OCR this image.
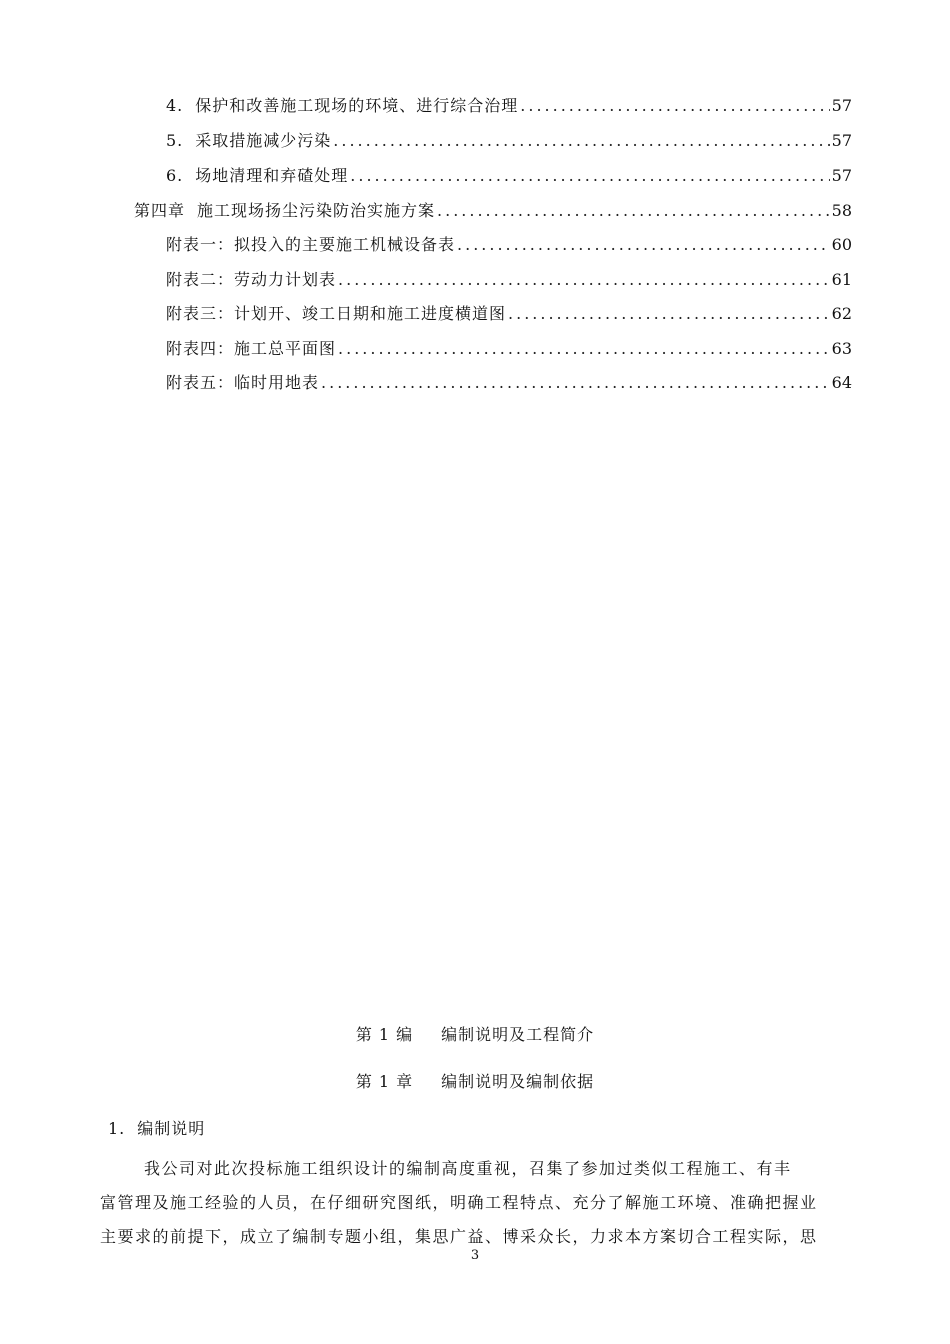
4. 保护和改善施工现场的环境、进行综合治理 .....	57
5. 采取措施减少污染 .....	57
6. 场地清理和弃碴处理 .....	57
第四章 施工现场扬尘污染防治实施方案 .....	58
附表一：拟投入的主要施工机械设备表 .....	60
附表二：劳动力计划表 .....	61
附表三：计划开、竣工日期和施工进度横道图 .....	62
附表四：施工总平面图 .....	63
附表五：临时用地表 .....	64
第 1 编 编制说明及工程简介
第 1 章 编制说明及编制依据
1. 编制说明
我公司对此次投标施工组织设计的编制高度重视，召集了参加过类似工程施工、有丰
富管理及施工经验的人员，在仔细研究图纸，明确工程特点、充分了解施工环境、准确把握业
主要求的前提下，成立了编制专题小组，集思广益、博采众长，力求本方案切合工程实际，思
3
